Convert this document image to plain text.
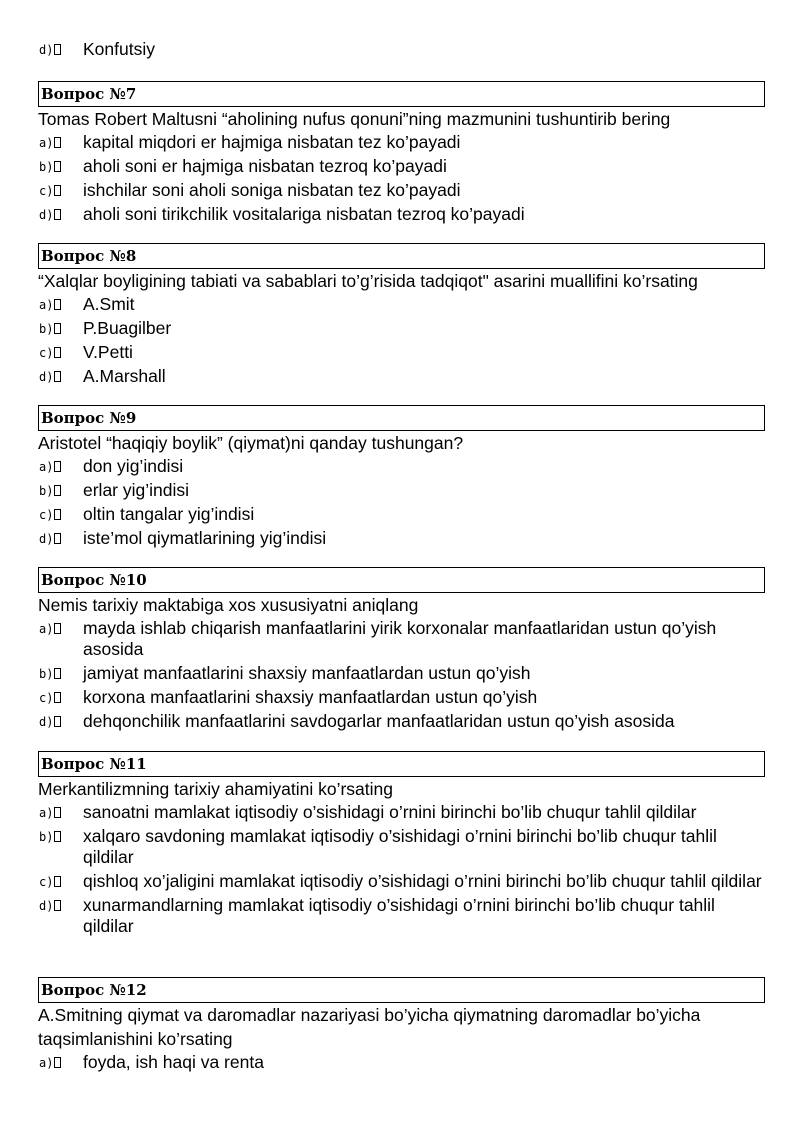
d)	Konfutsiy
Вопрос №7

Tomas Robert Maltusni “aholining nufus qonuni”ning mazmunini tushuntirib bering

a)	kapital miqdori er hajmiga nisbatan tez ko’payadi
b)	aholi soni er hajmiga nisbatan tezroq ko’payadi
c)	ishchilar soni aholi soniga nisbatan tez ko’payadi
d)	aholi soni tirikchilik vositalariga nisbatan tezroq ko’payadi
Вопрос №8

“Xalqlar boyligining tabiati va sabablari to’g’risida tadqiqot" asarini muallifini ko’rsating

a)	A.Smit
b)	P.Buagilber
c)	V.Petti
d)	A.Marshall
Вопрос №9

Aristotel “haqiqiy boylik” (qiymat)ni qanday tushungan?

a)	don yig’indisi
b)	erlar yig’indisi
c)	oltin tangalar yig’indisi
d)	iste’mol qiymatlarining yig’indisi
Вопрос №10

Nemis tarixiy maktabiga xos xususiyatni aniqlang

a)	mayda ishlab chiqarish manfaatlarini yirik korxonalar manfaatlaridan ustun qo’yish asosida
b)	jamiyat manfaatlarini shaxsiy manfaatlardan ustun qo’yish
c)	korxona manfaatlarini shaxsiy manfaatlardan ustun qo’yish
d)	dehqonchilik manfaatlarini savdogarlar manfaatlaridan ustun qo’yish asosida
Вопрос №11

Merkantilizmning tarixiy ahamiyatini ko’rsating

a)	sanoatni mamlakat iqtisodiy o’sishidagi o’rnini birinchi bo’lib chuqur tahlil qildilar
b)	xalqaro savdoning mamlakat iqtisodiy o’sishidagi o’rnini birinchi bo’lib chuqur tahlil qildilar
c)	qishloq xo’jaligini mamlakat iqtisodiy o’sishidagi o’rnini birinchi bo’lib chuqur tahlil qildilar
d)	xunarmandlarning mamlakat iqtisodiy o’sishidagi o’rnini birinchi bo’lib chuqur tahlil qildilar
Вопрос №12

A.Smitning qiymat va daromadlar nazariyasi bo’yicha qiymatning daromadlar bo’yicha taqsimlanishini ko’rsating

a)	foyda, ish haqi va renta
